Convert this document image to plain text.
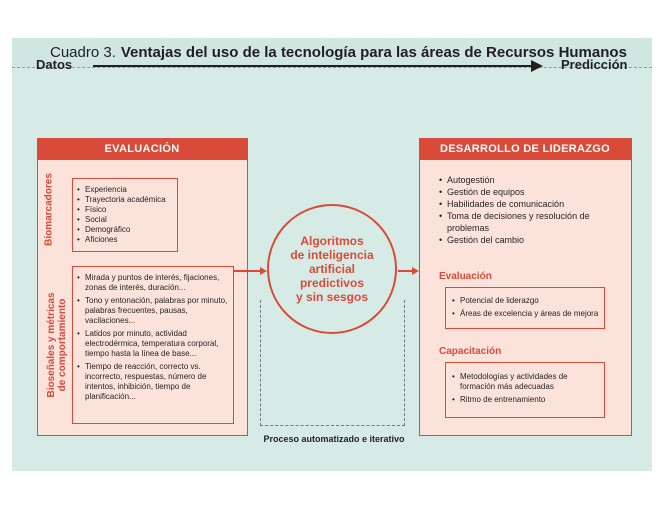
Cuadro 3. Ventajas del uso de la tecnología para las áreas de Recursos Humanos
Datos	Predicción
EVALUACIÓN
Biomarcadores
•	Experiencia
• Trayectoria académica
• Físico
• Social
• Demográfico
• Aficiones
Bioseñales y métricas de comportamiento
• Mirada y puntos de interés, fijaciones, zonas de interés, duración...
• Tono y entonación, palabras por minuto, palabras frecuentes, pausas, vacilaciones...
• Latidos por minuto, actividad electrodérmica, temperatura corporal, tiempo hasta la línea de base...
• Tiempo de reacción, correcto vs. incorrecto, respuestas, número de intentos, inhibición, tiempo de planificación...
Algoritmos
de inteligencia
artificial
predictivos
y sin sesgos
Proceso automatizado e iterativo
DESARROLLO DE LIDERAZGO
• Autogestión
• Gestión de equipos
• Habilidades de comunicación
• Toma de decisiones y resolución de problemas
• Gestión del cambio
Evaluación
• Potencial de liderazgo
• Áreas de excelencia y áreas de mejora
Capacitación
• Metodologías y actividades de formación más adecuadas
• Ritmo de entrenamiento
